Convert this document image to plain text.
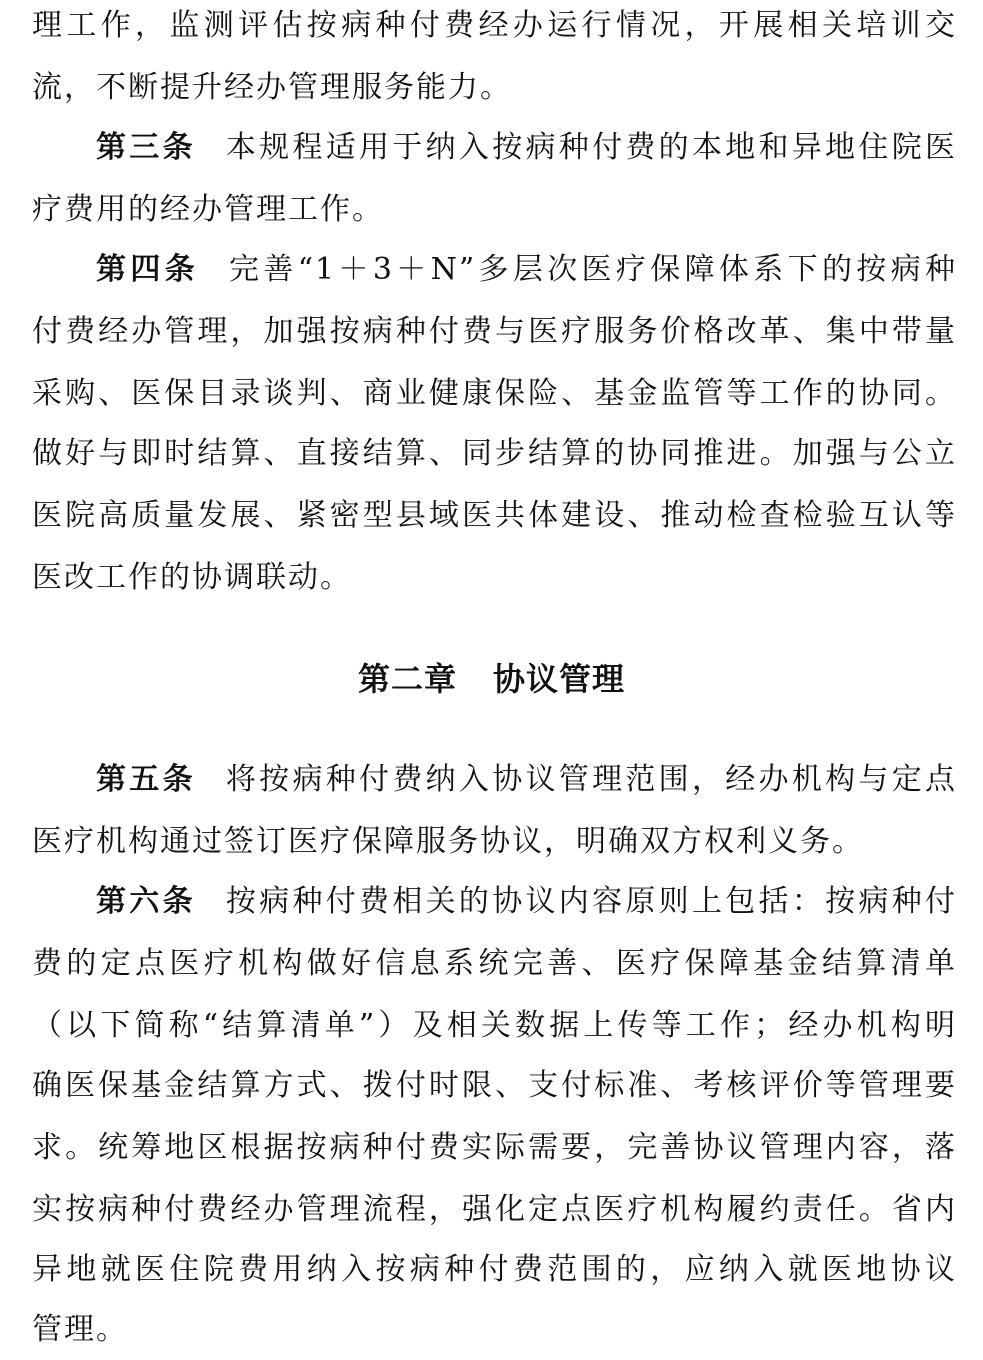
理工作，监测评估按病种付费经办运行情况，开展相关培训交
流，不断提升经办管理服务能力。
第三条 本规程适用于纳入按病种付费的本地和异地住院医
疗费用的经办管理工作。
第四条 完善“1＋3＋N”多层次医疗保障体系下的按病种
付费经办管理，加强按病种付费与医疗服务价格改革、集中带量
采购、医保目录谈判、商业健康保险、基金监管等工作的协同。
做好与即时结算、直接结算、同步结算的协同推进。加强与公立
医院高质量发展、紧密型县域医共体建设、推动检查检验互认等
医改工作的协调联动。
第二章 协议管理
第五条 将按病种付费纳入协议管理范围，经办机构与定点
医疗机构通过签订医疗保障服务协议，明确双方权利义务。
第六条 按病种付费相关的协议内容原则上包括：按病种付
费的定点医疗机构做好信息系统完善、医疗保障基金结算清单
（以下简称“结算清单”）及相关数据上传等工作；经办机构明
确医保基金结算方式、拨付时限、支付标准、考核评价等管理要
求。统筹地区根据按病种付费实际需要，完善协议管理内容，落
实按病种付费经办管理流程，强化定点医疗机构履约责任。省内
异地就医住院费用纳入按病种付费范围的，应纳入就医地协议
管理。
